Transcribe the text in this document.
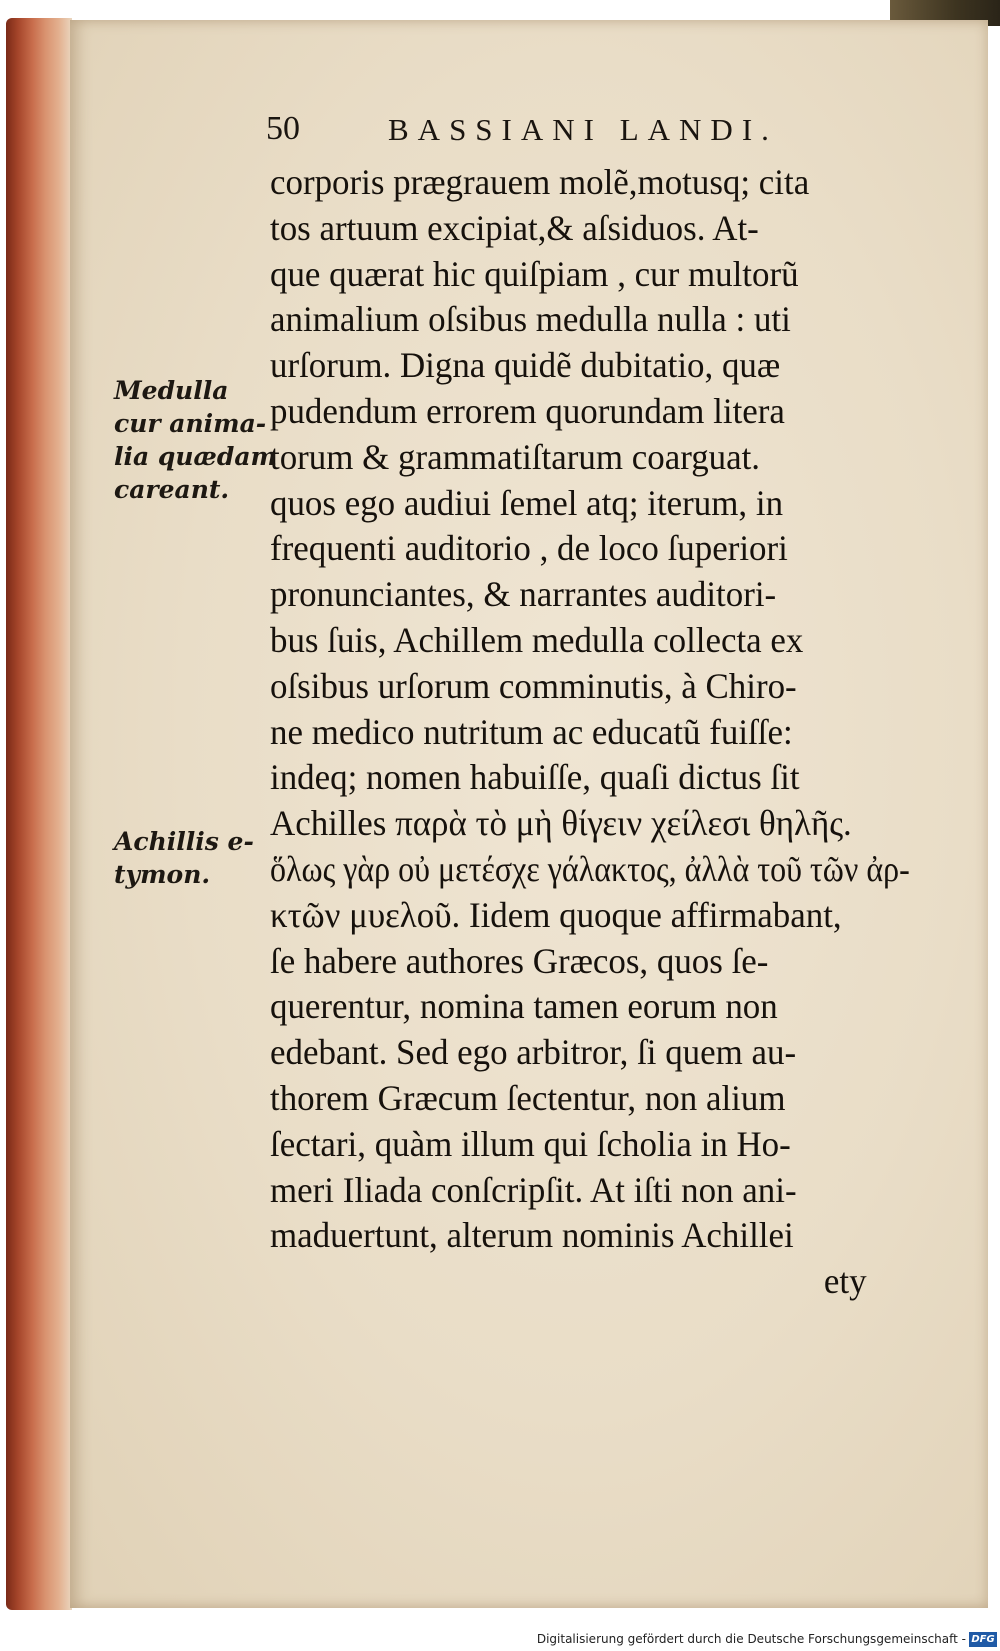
50	BASSIANI LANDI.
corporis prægrauem molẽ,motusq; cita
tos artuum excipiat,& aſsiduos. At-
que quærat hic quiſpiam , cur multorũ
animalium oſsibus medulla nulla : uti
urſorum. Digna quidẽ dubitatio, quæ
pudendum errorem quorundam litera
torum & grammatiſtarum coarguat.
quos ego audiui ſemel atq; iterum, in
frequenti auditorio , de loco ſuperiori
pronunciantes, & narrantes auditori-
bus ſuis, Achillem medulla collecta ex
oſsibus urſorum comminutis, à Chiro-
ne medico nutritum ac educatũ fuiſſe:
indeq; nomen habuiſſe, quaſi dictus ſit
Achilles παρὰ τὸ μὴ θίγειν χείλεσι θηλῆς.
ὅλως γὰρ οὐ μετέσχε γάλακτος, ἀλλὰ τοῦ τῶν ἀρ-
κτῶν μυελοῦ. Iidem quoque affirmabant,
ſe habere authores Græcos, quos ſe-
querentur, nomina tamen eorum non
edebant. Sed ego arbitror, ſi quem au-
thorem Græcum ſectentur, non alium
ſectari, quàm illum qui ſcholia in Ho-
meri Iliada conſcripſit. At iſti non ani-
maduertunt, alterum nominis Achillei
ety
Medulla
cur anima-
lia quædam
careant.
Achillis e-
tymon.
Digitalisierung gefördert durch die Deutsche Forschungsgemeinschaft - DFG
